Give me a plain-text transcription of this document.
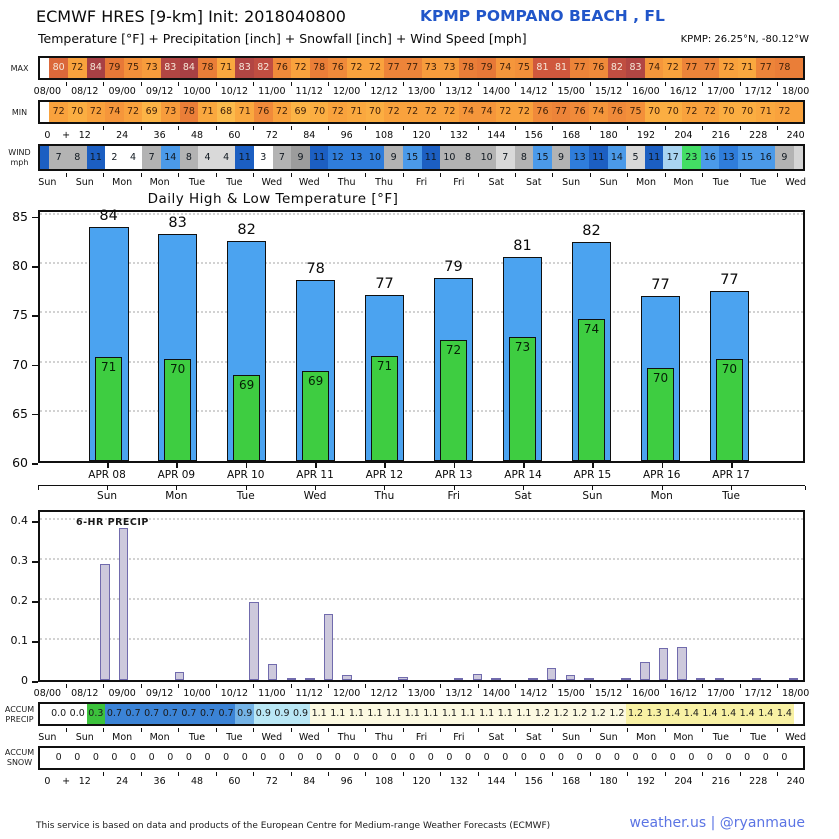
ECMWF HRES [9-km] Init: 2018040800	KPMP POMPANO BEACH , FL
Temperature [°F] + Precipitation [inch] + Snowfall [inch] + Wind Speed [mph]	KPMP: 26.25°N, -80.12°W
MAX
MIN
WIND
mph
ACCUM
PRECIP
ACCUM
SNOW
80 72 84 79 75 73 83 84 78 71 83 82 76 72 78 76 72 72 77 77 73 73 78 79 74 75 81 81 77 76 82 83 74 72 77 77 72 71 77 78
08/00 08/12 09/00 09/12 10/00 10/12 11/00 11/12 12/00 12/12 13/00 13/12 14/00 14/12 15/00 15/12 16/00 16/12 17/00 17/12 18/00
72 70 72 74 72 69 73 78 71 68 71 76 72 69 70 72 71 70 72 72 72 72 74 74 72 72 76 77 76 74 76 75 70 70 72 72 70 70 71 72
0 + 12	24	36	48	60	72	84	96 108 120 132 144 156 168 180 192 204 216 228 240
7	8	11	2	4	7	14	8	4	4	11	3	7	9	11 12 13 10	9	15 11 10	8	10	7	8	15	9	13 11 14	5	11 17 23 16 13 15 16	9
Sun Sun Mon Mon Tue Tue Wed Wed Thu Thu Fri	Fri	Sat Sat Sun Sun Mon Mon Tue Tue Wed
Daily High & Low Temperature [°F]
84
71
83
70
82
69
78
69
77
71
79
72
81
73
82
74
77
70
77
70
60
65
70
75
80
85
APR 08	APR 09	APR 10	APR 11	APR 12	APR 13	APR 14	APR 15	APR 16	APR 17
Sun	Mon	Tue	Wed	Thu	Fri	Sat	Sun	Mon	Tue
6-HR PRECIP
0
0.1
0.2
0.3
0.4
08/00 08/12 09/00 09/12 10/00 10/12 11/00 11/12 12/00 12/12 13/00 13/12 14/00 14/12 15/00 15/12 16/00 16/12 17/00 17/12 18/00
0.0 0.0 0.3 0.7 0.7 0.7 0.7 0.7 0.7 0.7 0.9 0.9 0.9 0.9 1.1 1.1 1.1 1.1 1.1 1.1 1.1 1.1 1.1 1.1 1.1 1.1 1.2 1.2 1.2 1.2 1.2 1.2 1.3 1.4 1.4 1.4 1.4 1.4 1.4 1.4
Sun Sun Mon Mon Tue Tue Wed Wed Thu Thu Fri	Fri	Sat Sat Sun Sun Mon Mon Tue Tue Wed
0	0	0	0	0	0	0	0	0	0	0	0	0	0	0	0	0	0	0	0	0	0	0	0	0	0	0	0	0	0	0	0	0	0	0	0	0	0	0	0
0 + 12	24	36	48	60	72	84	96 108 120 132 144 156 168 180 192 204 216 228 240
This service is based on data and products of the European Centre for Medium-range Weather Forecasts (ECMWF)	weather.us | @ryanmaue
